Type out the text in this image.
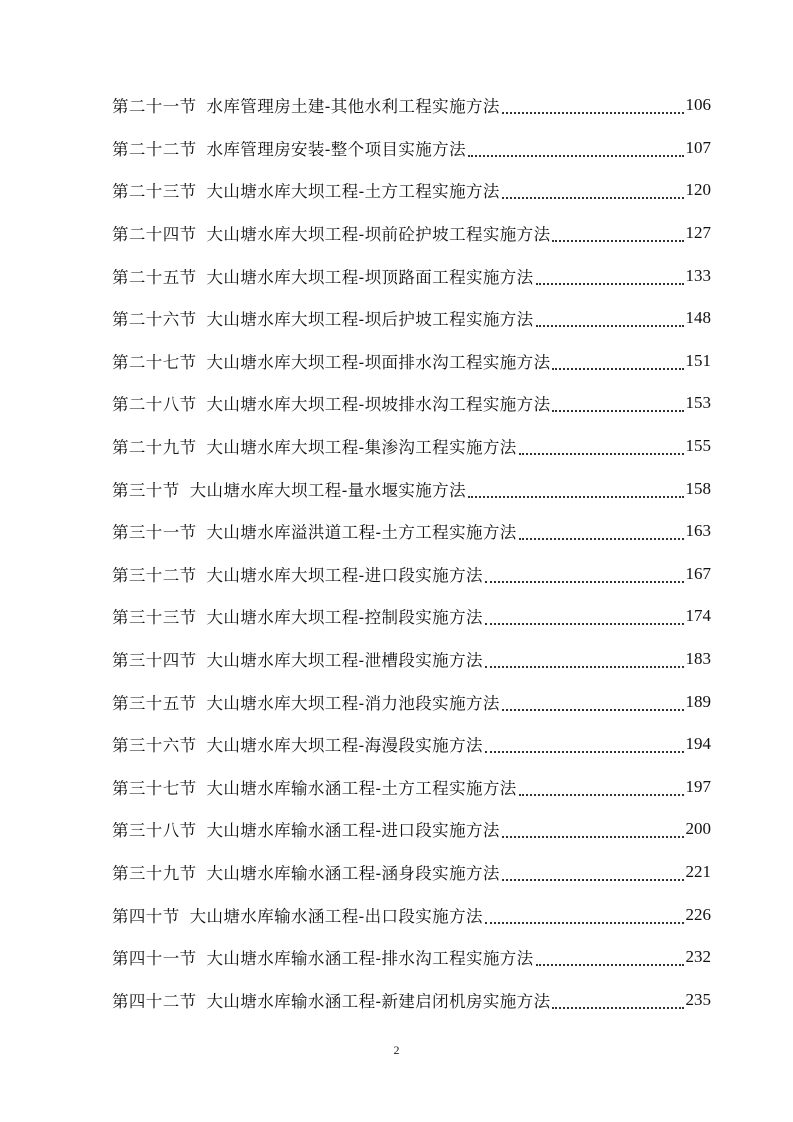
第二十一节 水库管理房土建-其他水利工程实施方法	106
第二十二节 水库管理房安装-整个项目实施方法	107
第二十三节 大山塘水库大坝工程-土方工程实施方法	120
第二十四节 大山塘水库大坝工程-坝前砼护坡工程实施方法	127
第二十五节 大山塘水库大坝工程-坝顶路面工程实施方法	133
第二十六节 大山塘水库大坝工程-坝后护坡工程实施方法	148
第二十七节 大山塘水库大坝工程-坝面排水沟工程实施方法	151
第二十八节 大山塘水库大坝工程-坝坡排水沟工程实施方法	153
第二十九节 大山塘水库大坝工程-集渗沟工程实施方法	155
第三十节 大山塘水库大坝工程-量水堰实施方法	158
第三十一节 大山塘水库溢洪道工程-土方工程实施方法	163
第三十二节 大山塘水库大坝工程-进口段实施方法	167
第三十三节 大山塘水库大坝工程-控制段实施方法	174
第三十四节 大山塘水库大坝工程-泄槽段实施方法	183
第三十五节 大山塘水库大坝工程-消力池段实施方法	189
第三十六节 大山塘水库大坝工程-海漫段实施方法	194
第三十七节 大山塘水库输水涵工程-土方工程实施方法	197
第三十八节 大山塘水库输水涵工程-进口段实施方法	200
第三十九节 大山塘水库输水涵工程-涵身段实施方法	221
第四十节 大山塘水库输水涵工程-出口段实施方法	226
第四十一节 大山塘水库输水涵工程-排水沟工程实施方法	232
第四十二节 大山塘水库输水涵工程-新建启闭机房实施方法	235
2
